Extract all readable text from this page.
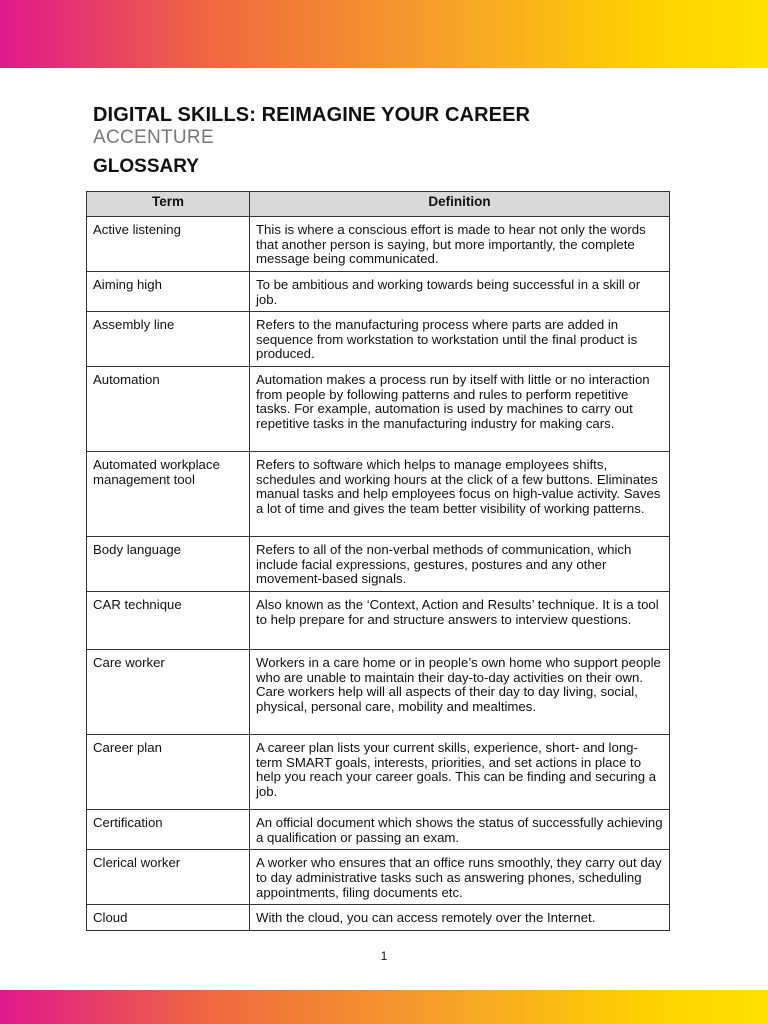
DIGITAL SKILLS: REIMAGINE YOUR CAREER
ACCENTURE
GLOSSARY
Term	Definition
Active listening	This is where a conscious effort is made to hear not only the words that another person is saying, but more importantly, the complete message being communicated.
Aiming high	To be ambitious and working towards being successful in a skill or job.
Assembly line	Refers to the manufacturing process where parts are added in sequence from workstation to workstation until the final product is produced.
Automation	Automation makes a process run by itself with little or no interaction from people by following patterns and rules to perform repetitive tasks. For example, automation is used by machines to carry out repetitive tasks in the manufacturing industry for making cars.
Automated workplace management tool	Refers to software which helps to manage employees shifts, schedules and working hours at the click of a few buttons. Eliminates manual tasks and help employees focus on high-value activity. Saves a lot of time and gives the team better visibility of working patterns.
Body language	Refers to all of the non-verbal methods of communication, which include facial expressions, gestures, postures and any other movement-based signals.
CAR technique	Also known as the ‘Context, Action and Results’ technique. It is a tool to help prepare for and structure answers to interview questions.
Care worker	Workers in a care home or in people’s own home who support people who are unable to maintain their day-to-day activities on their own. Care workers help will all aspects of their day to day living, social, physical, personal care, mobility and mealtimes.
Career plan	A career plan lists your current skills, experience, short- and long-term SMART goals, interests, priorities, and set actions in place to help you reach your career goals. This can be finding and securing a job.
Certification	An official document which shows the status of successfully achieving a qualification or passing an exam.
Clerical worker	A worker who ensures that an office runs smoothly, they carry out day to day administrative tasks such as answering phones, scheduling appointments, filing documents etc.
Cloud	With the cloud, you can access remotely over the Internet.
1
